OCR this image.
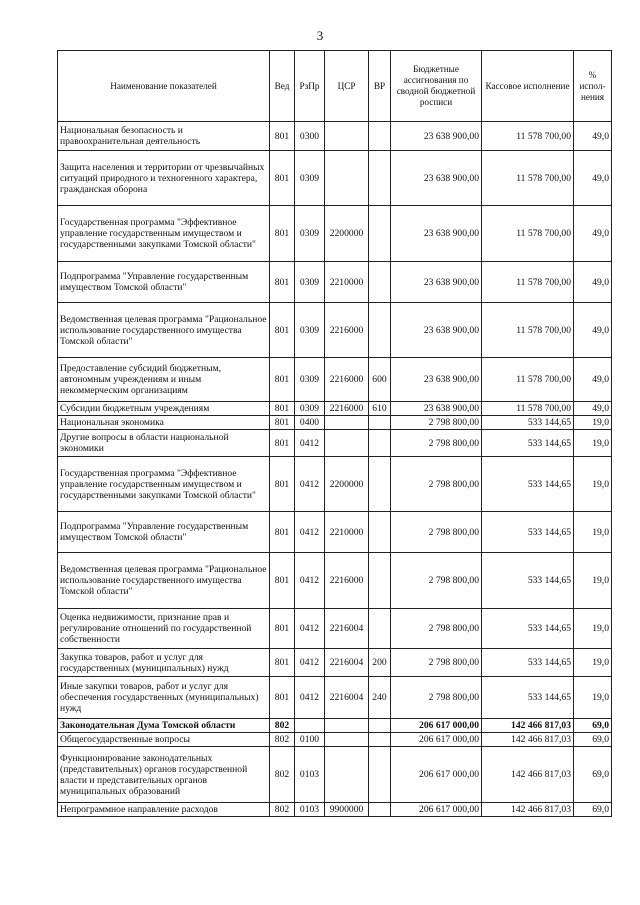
3
Наименование показателей	Вед	РзПр	ЦСР	ВР	Бюджетные ассигнования по сводной бюджетной росписи	Кассовое исполнение	% испол-нения
Национальная безопасность и правоохранительная деятельность	801	0300			23 638 900,00	11 578 700,00	49,0
Защита населения и территории от чрезвычайных ситуаций природного и техногенного характера, гражданская оборона	801	0309			23 638 900,00	11 578 700,00	49,0
Государственная программа "Эффективное управление государственным имуществом и государственными закупками Томской области"	801	0309	2200000		23 638 900,00	11 578 700,00	49,0
Подпрограмма "Управление государственным имуществом Томской области"	801	0309	2210000		23 638 900,00	11 578 700,00	49,0
Ведомственная целевая программа "Рациональное использование государственного имущества Томской области"	801	0309	2216000		23 638 900,00	11 578 700,00	49,0
Предоставление субсидий бюджетным, автономным учреждениям и иным некоммерческим организациям	801	0309	2216000	600	23 638 900,00	11 578 700,00	49,0
Субсидии бюджетным учреждениям	801	0309	2216000	610	23 638 900,00	11 578 700,00	49,0
Национальная экономика	801	0400			2 798 800,00	533 144,65	19,0
Другие вопросы в области национальной экономики	801	0412			2 798 800,00	533 144,65	19,0
Государственная программа "Эффективное управление государственным имуществом и государственными закупками Томской области"	801	0412	2200000		2 798 800,00	533 144,65	19,0
Подпрограмма "Управление государственным имуществом Томской области"	801	0412	2210000		2 798 800,00	533 144,65	19,0
Ведомственная целевая программа "Рациональное использование государственного имущества Томской области"	801	0412	2216000		2 798 800,00	533 144,65	19,0
Оценка недвижимости, признание прав и регулирование отношений по государственной собственности	801	0412	2216004		2 798 800,00	533 144,65	19,0
Закупка товаров, работ и услуг для государственных (муниципальных) нужд	801	0412	2216004	200	2 798 800,00	533 144,65	19,0
Иные закупки товаров, работ и услуг для обеспечения государственных (муниципальных) нужд	801	0412	2216004	240	2 798 800,00	533 144,65	19,0
Законодательная Дума Томской области	802				206 617 000,00	142 466 817,03	69,0
Общегосударственные вопросы	802	0100			206 617 000,00	142 466 817,03	69,0
Функционирование законодательных (представительных) органов государственной власти и представительных органов муниципальных образований	802	0103			206 617 000,00	142 466 817,03	69,0
Непрограммное направление расходов	802	0103	9900000		206 617 000,00	142 466 817,03	69,0
